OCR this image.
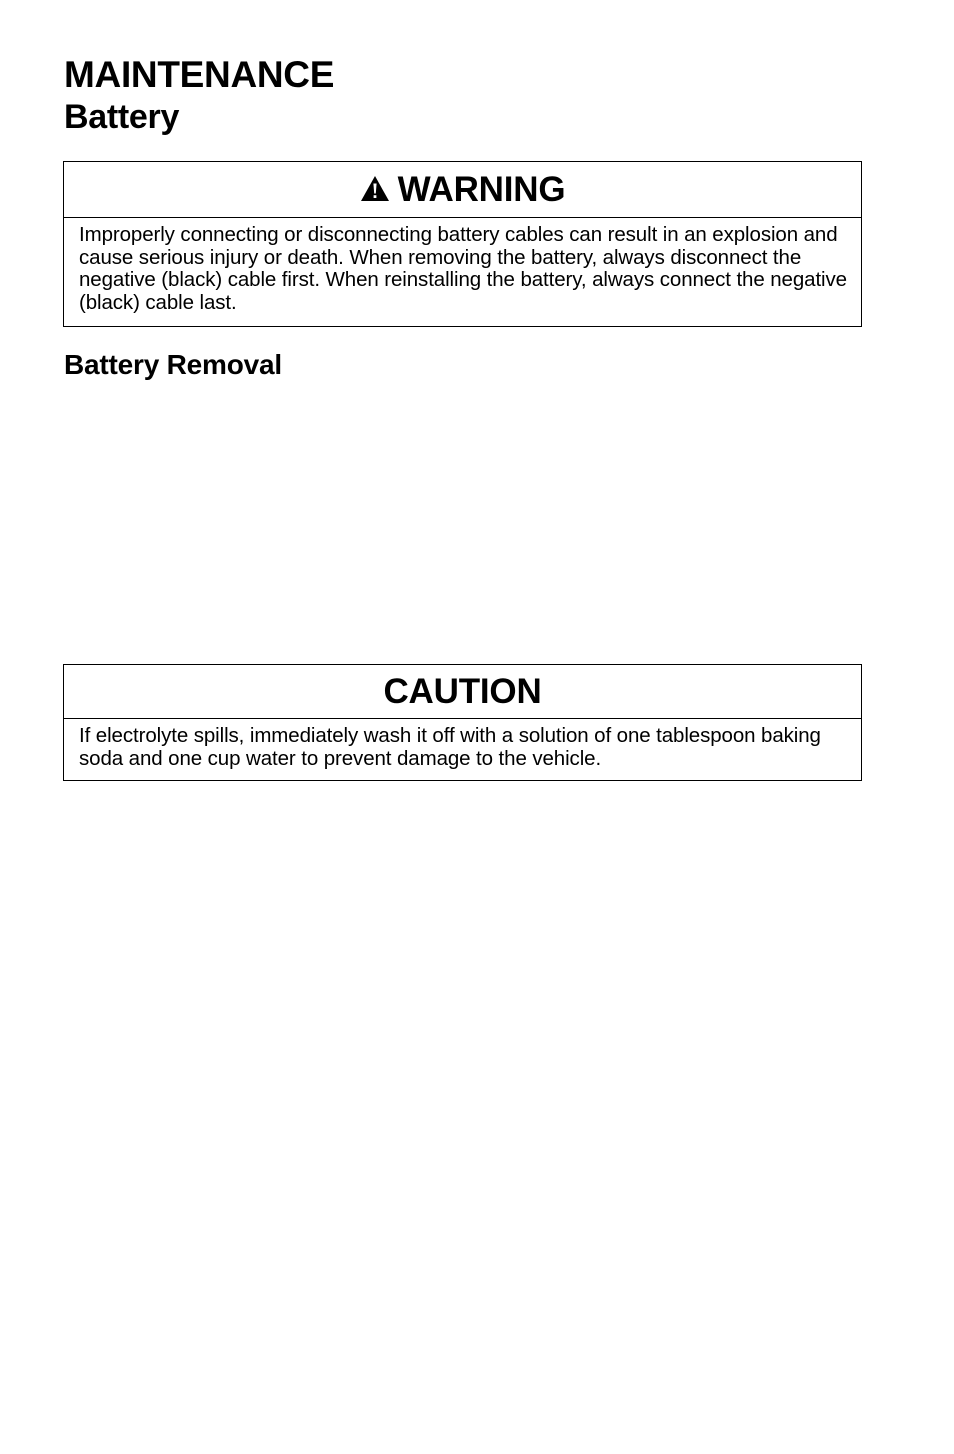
MAINTENANCE
Battery
WARNING

Improperly connecting or disconnecting battery cables can result in an explosion and cause serious injury or death. When removing the battery, always disconnect the negative (black) cable first. When reinstalling the battery, always connect the negative (black) cable last.

Battery Removal
CAUTION

If electrolyte spills, immediately wash it off with a solution of one tablespoon baking soda and one cup water to prevent damage to the vehicle.
